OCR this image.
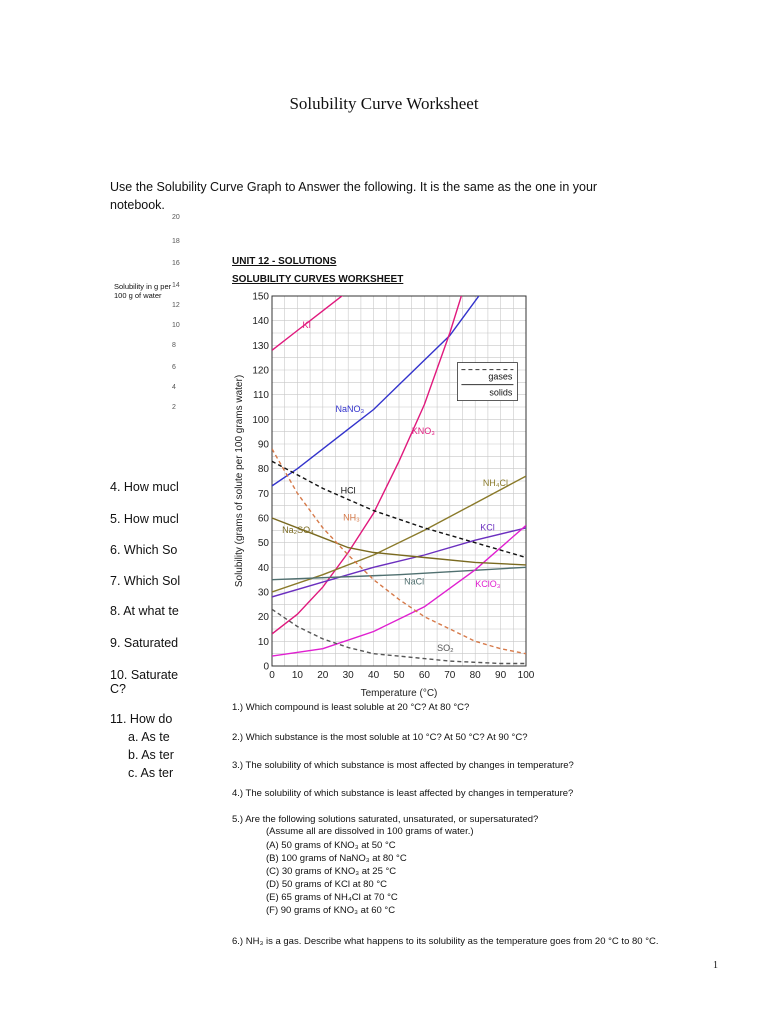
Solubility Curve Worksheet
Use the Solubility Curve Graph to Answer the following. It is the same as the one in your notebook.
Solubility in g per 100 g of water
20
18
16
14
12
10
8
6
4
2
4. How mucl
5. How mucl
6. Which So
7. Which Sol
8. At what te
9. Saturated
10. Saturate
C?
11. How do
a. As te
b. As ter
c. As ter
UNIT 12 - SOLUTIONS
SOLUBILITY CURVES WORKSHEET
0 10 20 30 40 50 60 70 80 90 100
0
10
20
30
40
50
60
70
80
90
100
110
120
130
140
150
Temperature (°C)
Solubility (grams of solute per 100 grams water)
KI
NaNO₃
KNO₃
NH₄Cl
KCl
NaCl	KClO₃
Na₂SO₄
HCl
NH₃
SO₂
gases
solids
1.) Which compound is least soluble at 20 °C? At 80 °C?
2.) Which substance is the most soluble at 10 °C? At 50 °C? At 90 °C?
3.) The solubility of which substance is most affected by changes in temperature?
4.) The solubility of which substance is least affected by changes in temperature?
5.) Are the following solutions saturated, unsaturated, or supersaturated?
(Assume all are dissolved in 100 grams of water.)
(A) 50 grams of KNO₃ at 50 °C
(B) 100 grams of NaNO₃ at 80 °C
(C) 30 grams of KNO₃ at 25 °C
(D) 50 grams of KCl at 80 °C
(E) 65 grams of NH₄Cl at 70 °C
(F) 90 grams of KNO₃ at 60 °C
6.) NH₃ is a gas. Describe what happens to its solubility as the temperature goes from 20 °C to 80 °C.
1
